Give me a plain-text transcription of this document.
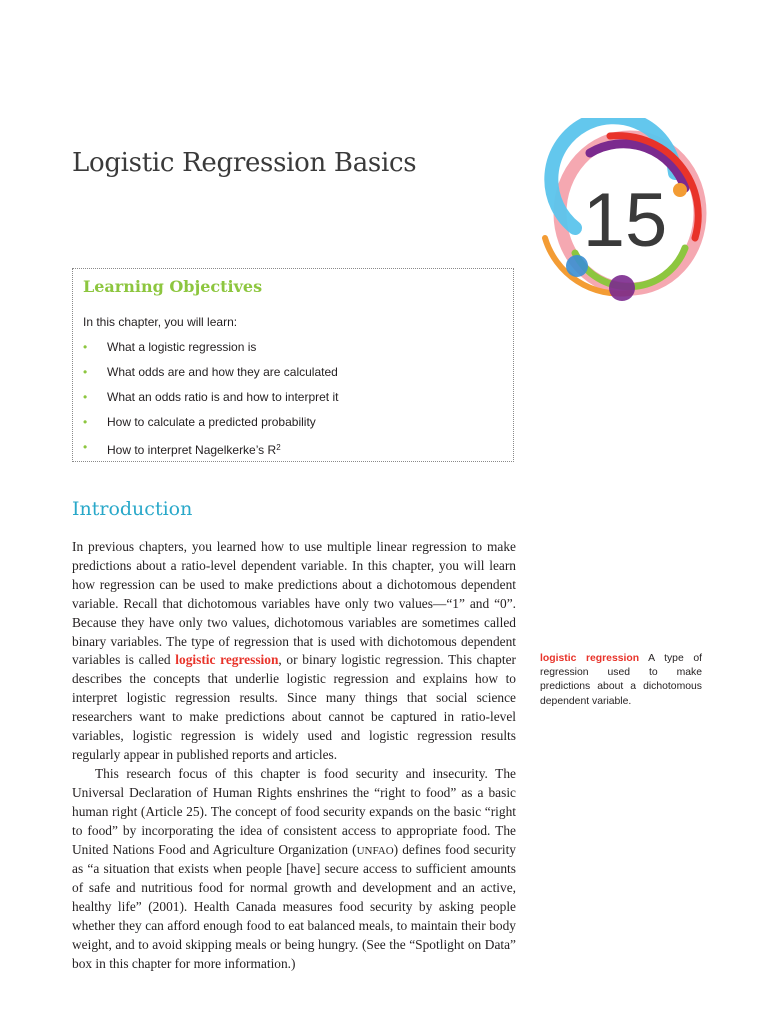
Logistic Regression Basics
15
Learning Objectives

In this chapter, you will learn:

• What a logistic regression is
• What odds are and how they are calculated
• What an odds ratio is and how to interpret it
• How to calculate a predicted probability
• How to interpret Nagelkerke’s $R^2$
Introduction

In previous chapters, you learned how to use multiple linear regression to make predictions about a ratio-level dependent variable. In this chapter, you will learn how regression can be used to make predictions about a dichotomous dependent variable. Recall that dichotomous variables have only two values—“1” and “0”. Because they have only two values, dichotomous variables are sometimes called binary variables. The type of regression that is used with dichotomous dependent variables is called logistic regression, or binary logistic regression. This chapter describes the concepts that underlie logistic regression and explains how to interpret logistic regression results. Since many things that social science researchers want to make predictions about cannot be captured in ratio-level variables, logistic regression is widely used and logistic regression results regularly appear in published reports and articles.

This research focus of this chapter is food security and insecurity. The Universal Declaration of Human Rights enshrines the “right to food” as a basic human right (Article 25). The concept of food security expands on the basic “right to food” by incorporating the idea of consistent access to appropriate food. The United Nations Food and Agriculture Organization (UNFAO) defines food security as “a situation that exists when people [have] secure access to sufficient amounts of safe and nutritious food for normal growth and development and an active, healthy life” (2001). Health Canada measures food security by asking people whether they can afford enough food to eat balanced meals, to maintain their body weight, and to avoid skipping meals or being hungry. (See the “Spotlight on Data” box in this chapter for more information.)

logistic regression A type of regression used to make predictions about a dichotomous dependent variable.
